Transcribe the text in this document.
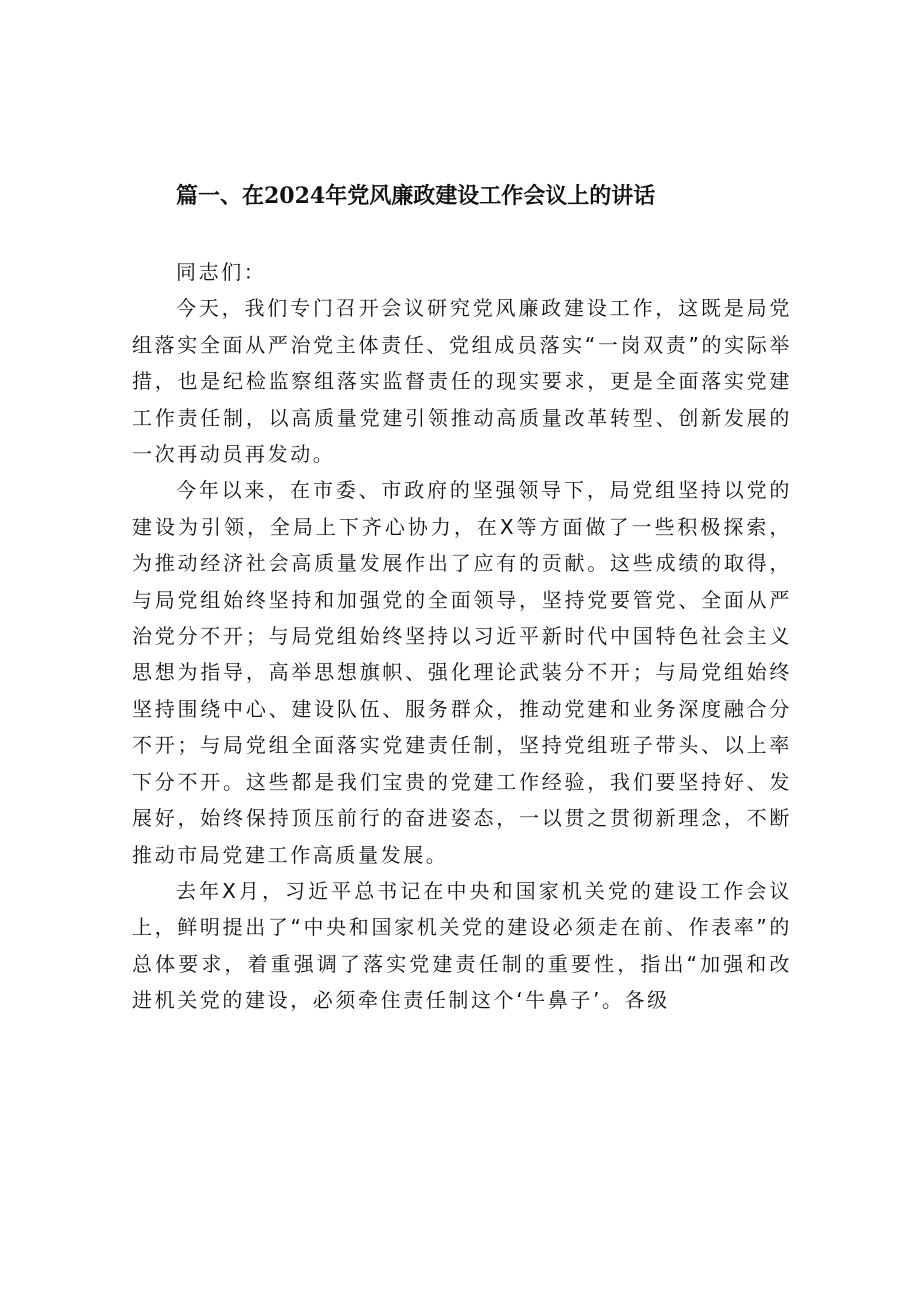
篇一、在2024年党风廉政建设工作会议上的讲话

同志们：

今天，我们专门召开会议研究党风廉政建设工作，这既是局党组落实全面从严治党主体责任、党组成员落实“一岗双责”的实际举措，也是纪检监察组落实监督责任的现实要求，更是全面落实党建工作责任制，以高质量党建引领推动高质量改革转型、创新发展的一次再动员再发动。

今年以来，在市委、市政府的坚强领导下，局党组坚持以党的建设为引领，全局上下齐心协力，在X等方面做了一些积极探索，为推动经济社会高质量发展作出了应有的贡献。这些成绩的取得，与局党组始终坚持和加强党的全面领导，坚持党要管党、全面从严治党分不开；与局党组始终坚持以习近平新时代中国特色社会主义思想为指导，高举思想旗帜、强化理论武装分不开；与局党组始终坚持围绕中心、建设队伍、服务群众，推动党建和业务深度融合分不开；与局党组全面落实党建责任制，坚持党组班子带头、以上率下分不开。这些都是我们宝贵的党建工作经验，我们要坚持好、发展好，始终保持顶压前行的奋进姿态，一以贯之贯彻新理念，不断推动市局党建工作高质量发展。

去年X月，习近平总书记在中央和国家机关党的建设工作会议上，鲜明提出了“中央和国家机关党的建设必须走在前、作表率”的总体要求，着重强调了落实党建责任制的重要性，指出“加强和改进机关党的建设，必须牵住责任制这个‘牛鼻子’。各级
